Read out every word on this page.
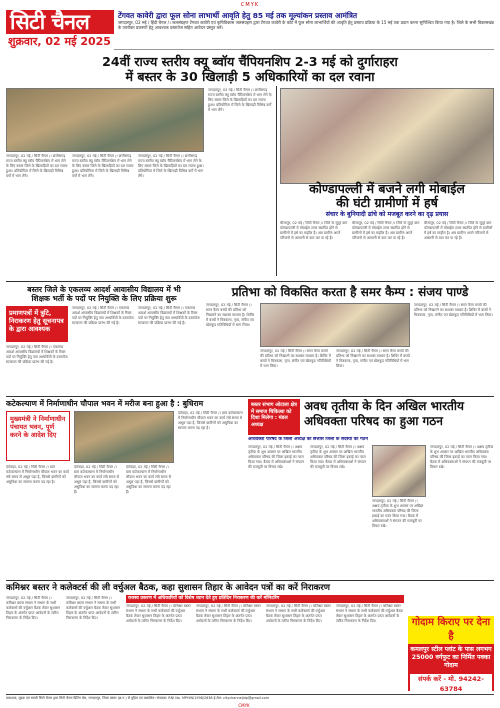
CMYK
सिटी चैनल
शुक्रवार, 02 मई 2025
टेंगवत कावेरी द्वारा फूल सोना लाभार्थी आवृति हेतु 85 मई तक मूल्यांकन प्रस्ताव आमंत्रित
जगदलपुर, 02 मई / हिंदी चैनल /। जलसंग्रहण टेंगवत कावेरी एवं कृषिविकास जलसंग्रहण द्वारा टेंगवत कावेरी के कोर्ट में फूल सोना लाभार्थियों की आवृति हेतु प्रस्ताव प्रक्रिया के 15 मई तक प्रदान करना सुनिश्चित किया गया है। जिले के सभी विकासखंड के उपरोक्त प्रकरणों हेतु आवश्यक दस्तावेज सहित आवेदन प्रस्तुत करें।
24वीं राज्य स्तरीय क्यू ब्वॉय चैंपियनशिप 2-3 मई को दुर्गाराहरा
में बस्तर के 30 खिलाड़ी 5 अधिकारियों का दल रवाना
जगदलपुर, 02 मई / सिटी चैनल /। छत्तीसगढ़ राज्य स्तरीय क्यू ब्वॉय चैंपियनशिप में भाग लेने के लिए बस्तर जिले के खिलाड़ियों का दल रवाना हुआ। प्रतियोगिता में जिले के खिलाड़ी विभिन्न वर्गों में भाग लेंगे।
जगदलपुर, 02 मई / सिटी चैनल /। छत्तीसगढ़ राज्य स्तरीय क्यू ब्वॉय चैंपियनशिप में भाग लेने के लिए बस्तर जिले के खिलाड़ियों का दल रवाना हुआ। प्रतियोगिता में जिले के खिलाड़ी विभिन्न वर्गों में भाग लेंगे।
जगदलपुर, 02 मई / सिटी चैनल /। छत्तीसगढ़ राज्य स्तरीय क्यू ब्वॉय चैंपियनशिप में भाग लेने के लिए बस्तर जिले के खिलाड़ियों का दल रवाना हुआ। प्रतियोगिता में जिले के खिलाड़ी विभिन्न वर्गों में भाग लेंगे।
जगदलपुर, 02 मई / सिटी चैनल /। छत्तीसगढ़ राज्य स्तरीय क्यू ब्वॉय चैंपियनशिप में भाग लेने के लिए बस्तर जिले के खिलाड़ियों का दल रवाना हुआ। प्रतियोगिता में जिले के खिलाड़ी विभिन्न वर्गों में भाग लेंगे।
कोण्डापल्ली में बजने लगी मोबाईल
की घंटी ग्रामीणों में हर्ष
संचार के बुनियादी ढांचे को मजबूत करने का दृढ़ प्रयास
बीजापुर, 02 मई / सिटी चैनल /। जिले के सुदूर ग्राम कोण्डापल्ली में मोबाईल टावर स्थापित होने से ग्रामीणों में हर्ष का माहौल है। अब ग्रामीण अपने परिजनों से आसानी से बात कर पा रहे हैं।
बीजापुर, 02 मई / सिटी चैनल /। जिले के सुदूर ग्राम कोण्डापल्ली में मोबाईल टावर स्थापित होने से ग्रामीणों में हर्ष का माहौल है। अब ग्रामीण अपने परिजनों से आसानी से बात कर पा रहे हैं।
बीजापुर, 02 मई / सिटी चैनल /। जिले के सुदूर ग्राम कोण्डापल्ली में मोबाईल टावर स्थापित होने से ग्रामीणों में हर्ष का माहौल है। अब ग्रामीण अपने परिजनों से आसानी से बात कर पा रहे हैं।
बस्तर जिले के एकलव्य आदर्श आवासीय विद्यालय में भी
शिक्षक भर्ती के पदों पर नियुक्ति के लिए प्रक्रिया शुरू
प्रमाणपत्रों में त्रुटि, निराकरण हेतु सूचनापत्र के द्वारा आवश्यक
जगदलपुर, 02 मई / सिटी चैनल /। एकलव्य आदर्श आवासीय विद्यालयों में शिक्षकों के रिक्त पदों पर नियुक्ति हेतु पात्र अभ्यर्थियों के दस्तावेज सत्यापन की प्रक्रिया प्रारंभ की गई है।
जगदलपुर, 02 मई / सिटी चैनल /। एकलव्य आदर्श आवासीय विद्यालयों में शिक्षकों के रिक्त पदों पर नियुक्ति हेतु पात्र अभ्यर्थियों के दस्तावेज सत्यापन की प्रक्रिया प्रारंभ की गई है।
जगदलपुर, 02 मई / सिटी चैनल /। एकलव्य आदर्श आवासीय विद्यालयों में शिक्षकों के रिक्त पदों पर नियुक्ति हेतु पात्र अभ्यर्थियों के दस्तावेज सत्यापन की प्रक्रिया प्रारंभ की गई है।
प्रतिभा को विकसित करता है समर कैम्प : संजय पाण्डे
जगदलपुर, 02 मई / सिटी चैनल /। समर कैम्प बच्चों की प्रतिभा को निखारने का सशक्त माध्यम है। शिविर में बच्चों ने चित्रकला, नृत्य, संगीत एवं खेलकूद गतिविधियों में भाग लिया।
जगदलपुर, 02 मई / सिटी चैनल /। समर कैम्प बच्चों की प्रतिभा को निखारने का सशक्त माध्यम है। शिविर में बच्चों ने चित्रकला, नृत्य, संगीत एवं खेलकूद गतिविधियों में भाग लिया।
जगदलपुर, 02 मई / सिटी चैनल /। समर कैम्प बच्चों की प्रतिभा को निखारने का सशक्त माध्यम है। शिविर में बच्चों ने चित्रकला, नृत्य, संगीत एवं खेलकूद गतिविधियों में भाग लिया।
जगदलपुर, 02 मई / सिटी चैनल /। समर कैम्प बच्चों की प्रतिभा को निखारने का सशक्त माध्यम है। शिविर में बच्चों ने चित्रकला, नृत्य, संगीत एवं खेलकूद गतिविधियों में भाग लिया।
कटेकल्याण में निर्माणाधीन चौपाल भवन में मरीज बना हुआ है : बुधिराम
मुख्यमंत्री ने निर्माणाधीन पंचायत भवन, पूर्ण करने के आदेश दिए
दंतेवाड़ा, 02 मई / सिटी चैनल /। ग्राम कटेकल्याण में निर्माणाधीन चौपाल भवन का कार्य लंबे समय से अधूरा पड़ा है, जिससे ग्रामीणों को असुविधा का सामना करना पड़ रहा है।
दंतेवाड़ा, 02 मई / सिटी चैनल /। ग्राम कटेकल्याण में निर्माणाधीन चौपाल भवन का कार्य लंबे समय से अधूरा पड़ा है, जिससे ग्रामीणों को असुविधा का सामना करना पड़ रहा है।
दंतेवाड़ा, 02 मई / सिटी चैनल /। ग्राम कटेकल्याण में निर्माणाधीन चौपाल भवन का कार्य लंबे समय से अधूरा पड़ा है, जिससे ग्रामीणों को असुविधा का सामना करना पड़ रहा है।
दंतेवाड़ा, 02 मई / सिटी चैनल /। ग्राम कटेकल्याण में निर्माणाधीन चौपाल भवन का कार्य लंबे समय से अधूरा पड़ा है, जिससे ग्रामीणों को असुविधा का सामना करना पड़ रहा है।
बस्तर संभाग ओटाला क्षेत्र में समाज चिकित्सा को दिशा मिलेगा : मंडल अध्यक्ष
अवध तृतीया के दिन अखिल भारतीय
अधिवक्ता परिषद का हुआ गठन
अधिवक्ता परिषद के जिला अध्यक्ष का छत्तीस जिलों के सदस्यों का गठन
जगदलपुर, 02 मई / सिटी चैनल /। अक्षय तृतीया के शुभ अवसर पर अखिल भारतीय अधिवक्ता परिषद की जिला इकाई का गठन किया गया। बैठक में अधिवक्ताओं ने संगठन की मजबूती पर विचार रखे।
जगदलपुर, 02 मई / सिटी चैनल /। अक्षय तृतीया के शुभ अवसर पर अखिल भारतीय अधिवक्ता परिषद की जिला इकाई का गठन किया गया। बैठक में अधिवक्ताओं ने संगठन की मजबूती पर विचार रखे।
जगदलपुर, 02 मई / सिटी चैनल /। अक्षय तृतीया के शुभ अवसर पर अखिल भारतीय अधिवक्ता परिषद की जिला इकाई का गठन किया गया। बैठक में अधिवक्ताओं ने संगठन की मजबूती पर विचार रखे।
जगदलपुर, 02 मई / सिटी चैनल /। अक्षय तृतीया के शुभ अवसर पर अखिल भारतीय अधिवक्ता परिषद की जिला इकाई का गठन किया गया। बैठक में अधिवक्ताओं ने संगठन की मजबूती पर विचार रखे।
कमिश्नर बस्तर ने कलेक्टर्स की ली वर्चुअल बैठक, कहा सुशासन तिहार के आवेदन पत्रों का करें निराकरण
राजस्व प्रकरण में अधिकारियों को विशेष ध्यान देते हुए प्रतिदिन निराकरण की करें मॉनिटरिंग
जगदलपुर, 02 मई / सिटी चैनल /। कमिश्नर बस्तर संभाग ने संभाग के सभी कलेक्टर्स की वर्चुअल बैठक लेकर सुशासन तिहार के अंतर्गत प्राप्त आवेदनों के त्वरित निराकरण के निर्देश दिए।
जगदलपुर, 02 मई / सिटी चैनल /। कमिश्नर बस्तर संभाग ने संभाग के सभी कलेक्टर्स की वर्चुअल बैठक लेकर सुशासन तिहार के अंतर्गत प्राप्त आवेदनों के त्वरित निराकरण के निर्देश दिए।
जगदलपुर, 02 मई / सिटी चैनल /। कमिश्नर बस्तर संभाग ने संभाग के सभी कलेक्टर्स की वर्चुअल बैठक लेकर सुशासन तिहार के अंतर्गत प्राप्त आवेदनों के त्वरित निराकरण के निर्देश दिए।
जगदलपुर, 02 मई / सिटी चैनल /। कमिश्नर बस्तर संभाग ने संभाग के सभी कलेक्टर्स की वर्चुअल बैठक लेकर सुशासन तिहार के अंतर्गत प्राप्त आवेदनों के त्वरित निराकरण के निर्देश दिए।
जगदलपुर, 02 मई / सिटी चैनल /। कमिश्नर बस्तर संभाग ने संभाग के सभी कलेक्टर्स की वर्चुअल बैठक लेकर सुशासन तिहार के अंतर्गत प्राप्त आवेदनों के त्वरित निराकरण के निर्देश दिए।
जगदलपुर, 02 मई / सिटी चैनल /। कमिश्नर बस्तर संभाग ने संभाग के सभी कलेक्टर्स की वर्चुअल बैठक लेकर सुशासन तिहार के अंतर्गत प्राप्त आवेदनों के त्वरित निराकरण के निर्देश दिए।	गोदाम किराए पर देना है
कमलपुर स्टील प्लांट के पास लगभग 25000 वर्गफुट का निर्मित पक्का गोदाम
संपर्क करें - मो. 94242-63784
प्रकाशक, मुद्रक एवं स्वामी सिटी चैनल द्वारा सिटी चैनल प्रिंटिंग प्रेस, जगदलपुर, जिला बस्तर (छ.ग.) से मुद्रित एवं प्रकाशित। संपादक: RNI No. MPHIN/1998/2638 ई-मेल: citychanneljdp@gmail.com
CMYK
